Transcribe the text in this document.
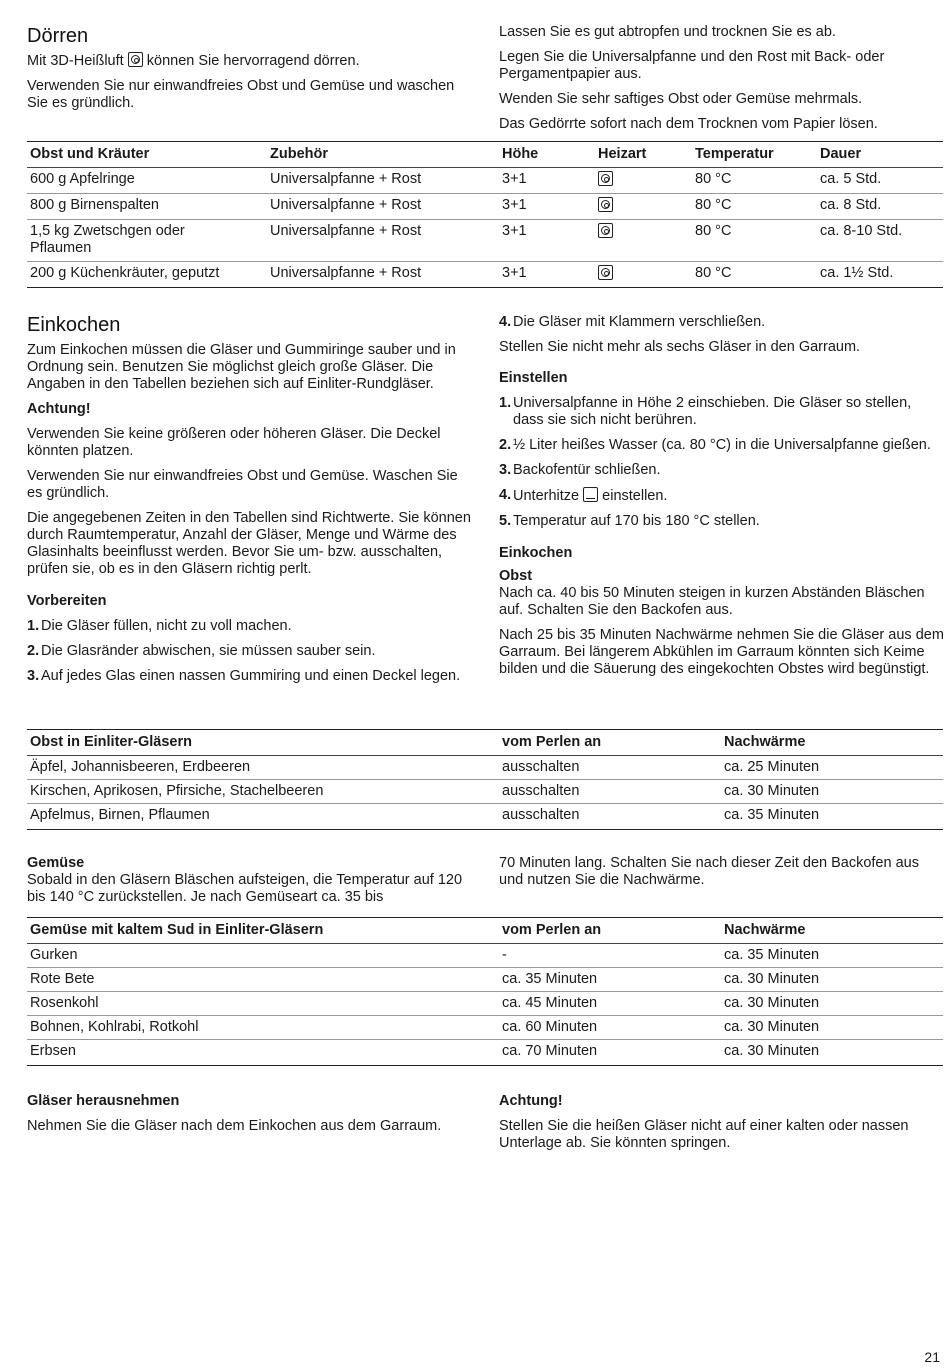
Dörren

Mit 3D-Heißluft können Sie hervorragend dörren.

Verwenden Sie nur einwandfreies Obst und Gemüse und waschen Sie es gründlich.

Lassen Sie es gut abtropfen und trocknen Sie es ab.

Legen Sie die Universalpfanne und den Rost mit Back- oder Pergamentpapier aus.

Wenden Sie sehr saftiges Obst oder Gemüse mehrmals.

Das Gedörrte sofort nach dem Trocknen vom Papier lösen.

Obst und Kräuter	Zubehör	Höhe	Heizart	Temperatur	Dauer
600 g Apfelringe	Universalpfanne + Rost	3+1		80 °C	ca. 5 Std.
800 g Birnenspalten	Universalpfanne + Rost	3+1		80 °C	ca. 8 Std.
1,5 kg Zwetschgen oder Pflaumen	Universalpfanne + Rost	3+1		80 °C	ca. 8-10 Std.
200 g Küchenkräuter, geputzt	Universalpfanne + Rost	3+1		80 °C	ca. 1½ Std.
Einkochen

Zum Einkochen müssen die Gläser und Gummiringe sauber und in Ordnung sein. Benutzen Sie möglichst gleich große Gläser. Die Angaben in den Tabellen beziehen sich auf Einliter-Rundgläser.

Achtung!

Verwenden Sie keine größeren oder höheren Gläser. Die Deckel könnten platzen.

Verwenden Sie nur einwandfreies Obst und Gemüse. Waschen Sie es gründlich.

Die angegebenen Zeiten in den Tabellen sind Richtwerte. Sie können durch Raumtemperatur, Anzahl der Gläser, Menge und Wärme des Glasinhalts beeinflusst werden. Bevor Sie um- bzw. ausschalten, prüfen sie, ob es in den Gläsern richtig perlt.

Vorbereiten

1. Die Gläser füllen, nicht zu voll machen.
2. Die Glasränder abwischen, sie müssen sauber sein.
3. Auf jedes Glas einen nassen Gummiring und einen Deckel legen.
4. Die Gläser mit Klammern verschließen.

Stellen Sie nicht mehr als sechs Gläser in den Garraum.

Einstellen

1. Universalpfanne in Höhe 2 einschieben. Die Gläser so stellen, dass sie sich nicht berühren.
2. ½ Liter heißes Wasser (ca. 80 °C) in die Universalpfanne gießen.
3. Backofentür schließen.
4. Unterhitze einstellen.
5. Temperatur auf 170 bis 180 °C stellen.

Einkochen

Obst

Nach ca. 40 bis 50 Minuten steigen in kurzen Abständen Bläschen auf. Schalten Sie den Backofen aus.

Nach 25 bis 35 Minuten Nachwärme nehmen Sie die Gläser aus dem Garraum. Bei längerem Abkühlen im Garraum könnten sich Keime bilden und die Säuerung des eingekochten Obstes wird begünstigt.

Obst in Einliter-Gläsern	vom Perlen an	Nachwärme
Äpfel, Johannisbeeren, Erdbeeren	ausschalten	ca. 25 Minuten
Kirschen, Aprikosen, Pfirsiche, Stachelbeeren	ausschalten	ca. 30 Minuten
Apfelmus, Birnen, Pflaumen	ausschalten	ca. 35 Minuten

Gemüse

Sobald in den Gläsern Bläschen aufsteigen, die Temperatur auf 120 bis 140 °C zurückstellen. Je nach Gemüseart ca. 35 bis

70 Minuten lang. Schalten Sie nach dieser Zeit den Backofen aus und nutzen Sie die Nachwärme.

Gemüse mit kaltem Sud in Einliter-Gläsern	vom Perlen an	Nachwärme
Gurken	-	ca. 35 Minuten
Rote Bete	ca. 35 Minuten	ca. 30 Minuten
Rosenkohl	ca. 45 Minuten	ca. 30 Minuten
Bohnen, Kohlrabi, Rotkohl	ca. 60 Minuten	ca. 30 Minuten
Erbsen	ca. 70 Minuten	ca. 30 Minuten

Gläser herausnehmen

Nehmen Sie die Gläser nach dem Einkochen aus dem Garraum.

Achtung!

Stellen Sie die heißen Gläser nicht auf einer kalten oder nassen Unterlage ab. Sie könnten springen.

21
